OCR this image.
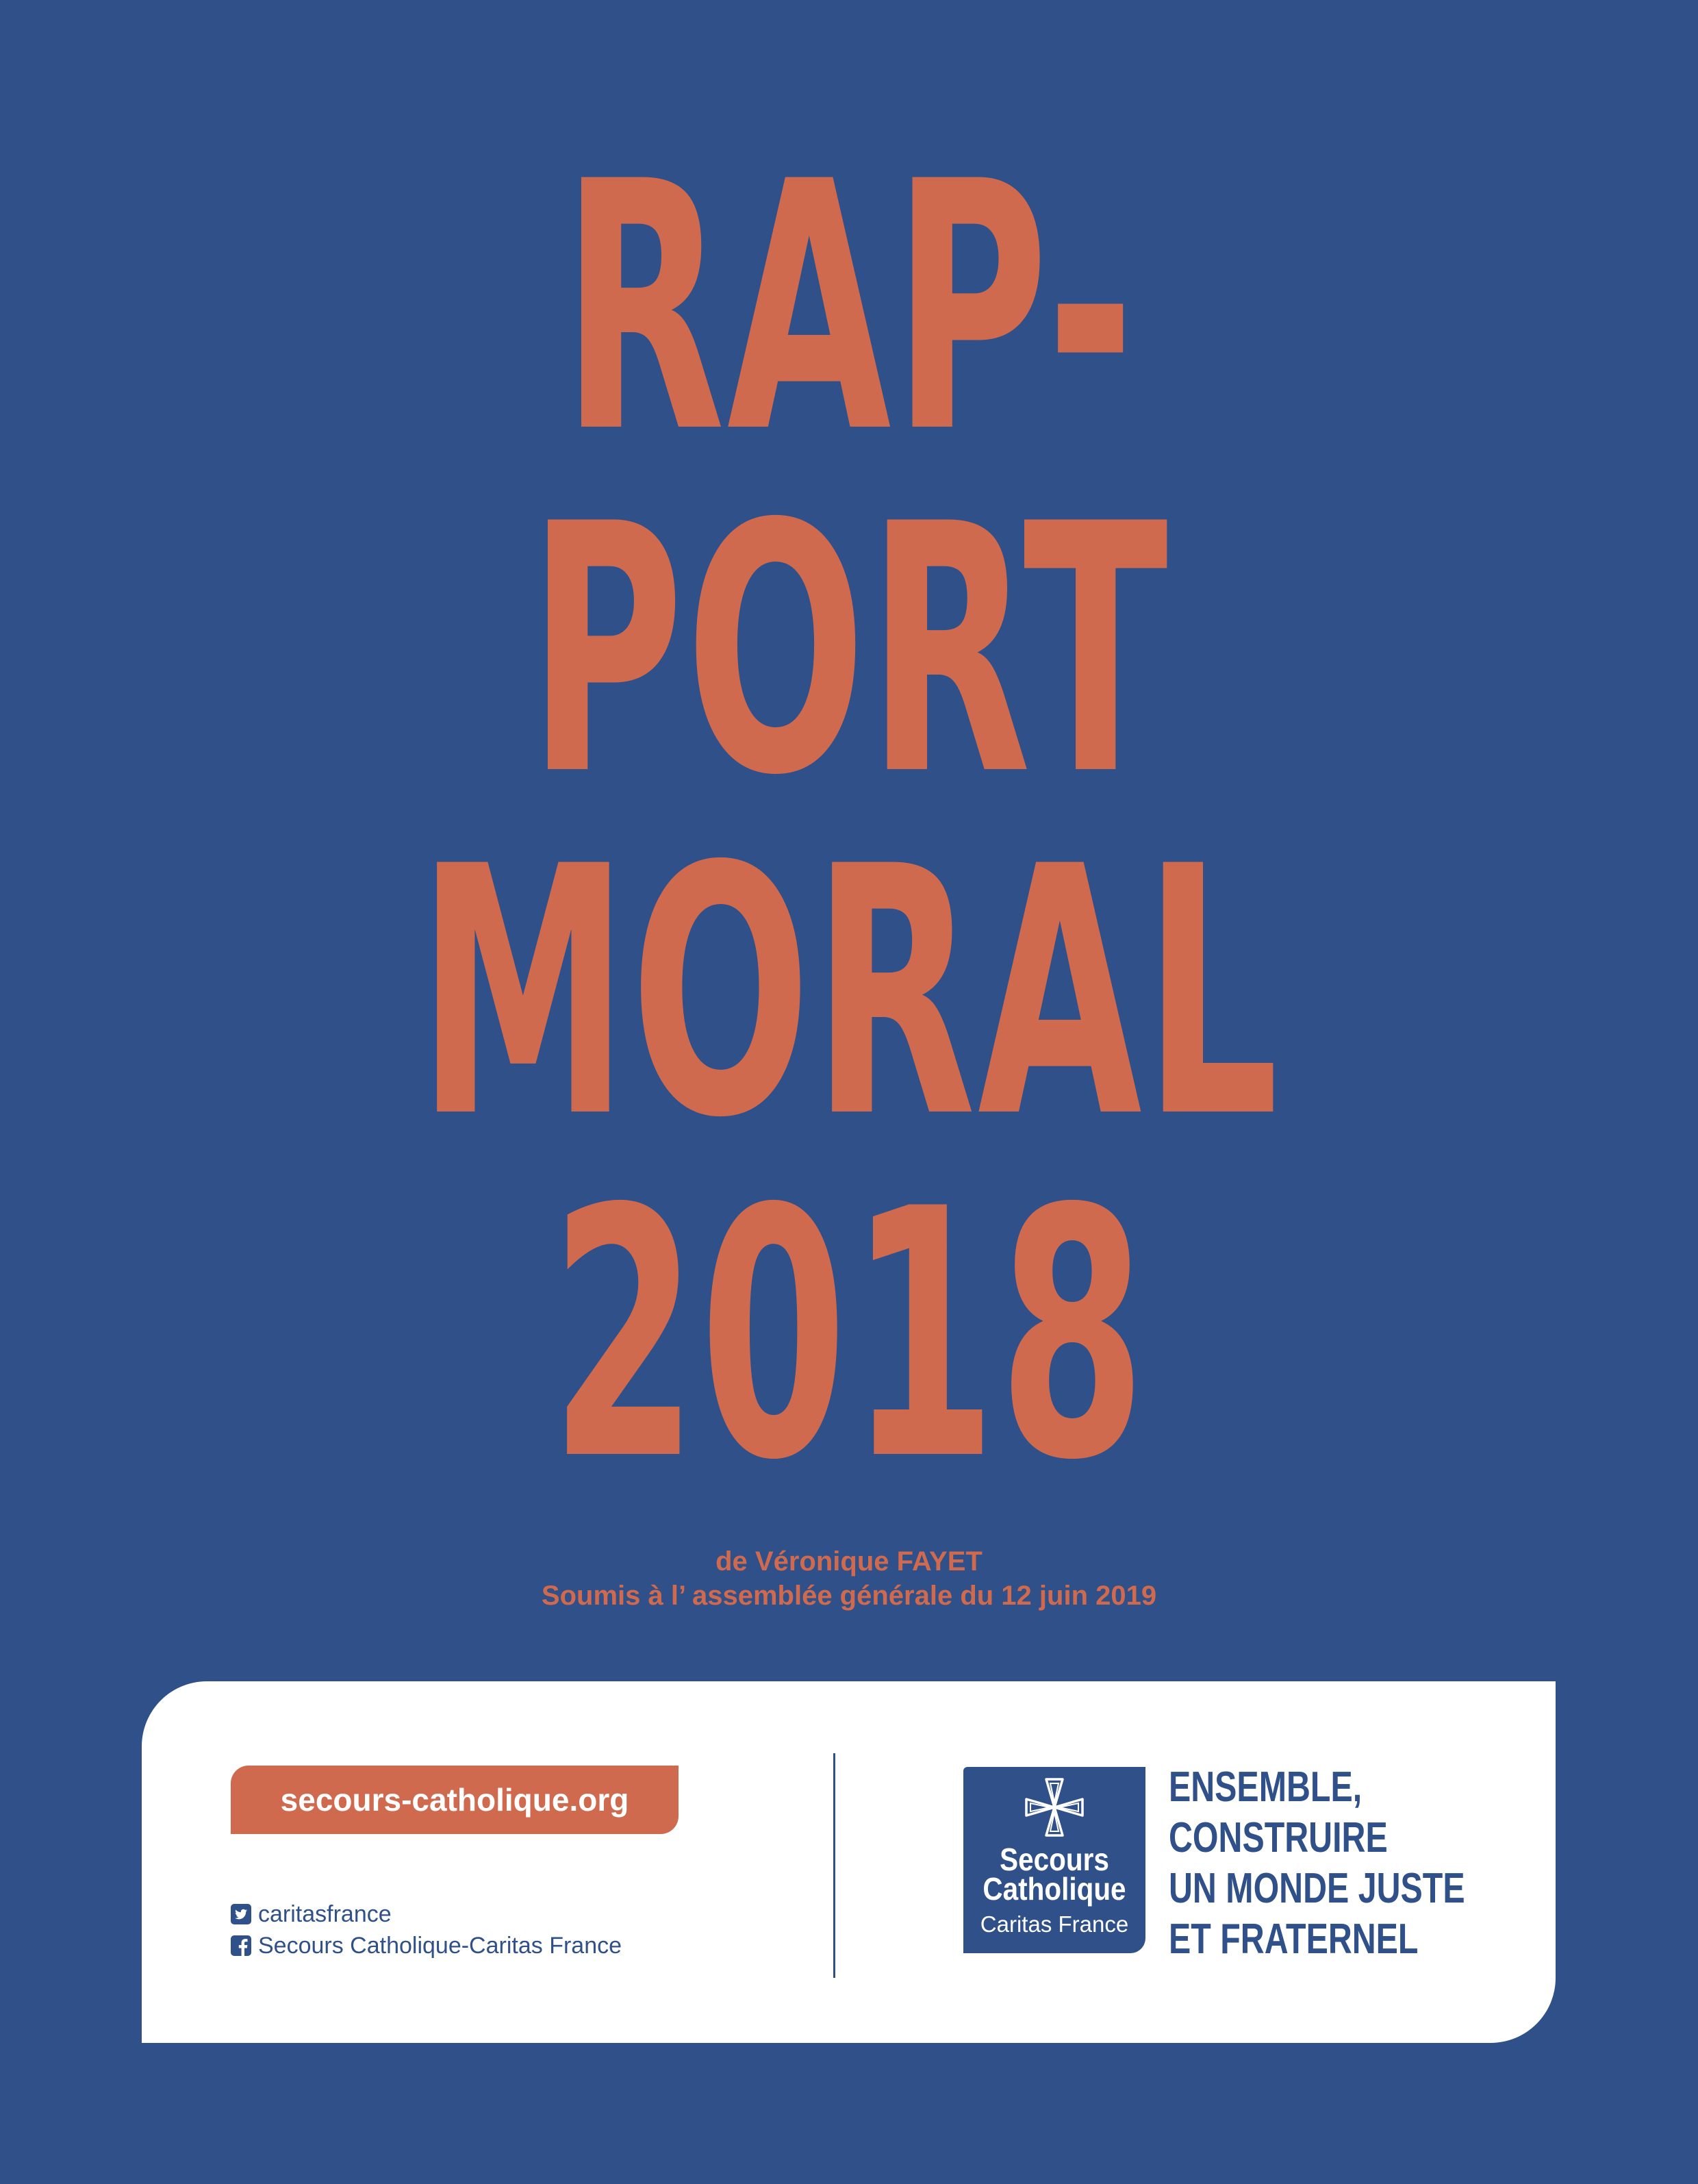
RAP-
PORT
MORAL
2018
de Véronique FAYET
Soumis à l’ assemblée générale du 12 juin 2019
secours-catholique.org
caritasfrance
Secours Catholique-Caritas France
Secours
Catholique
Caritas France
ENSEMBLE,
CONSTRUIRE
UN MONDE JUSTE
ET FRATERNEL
